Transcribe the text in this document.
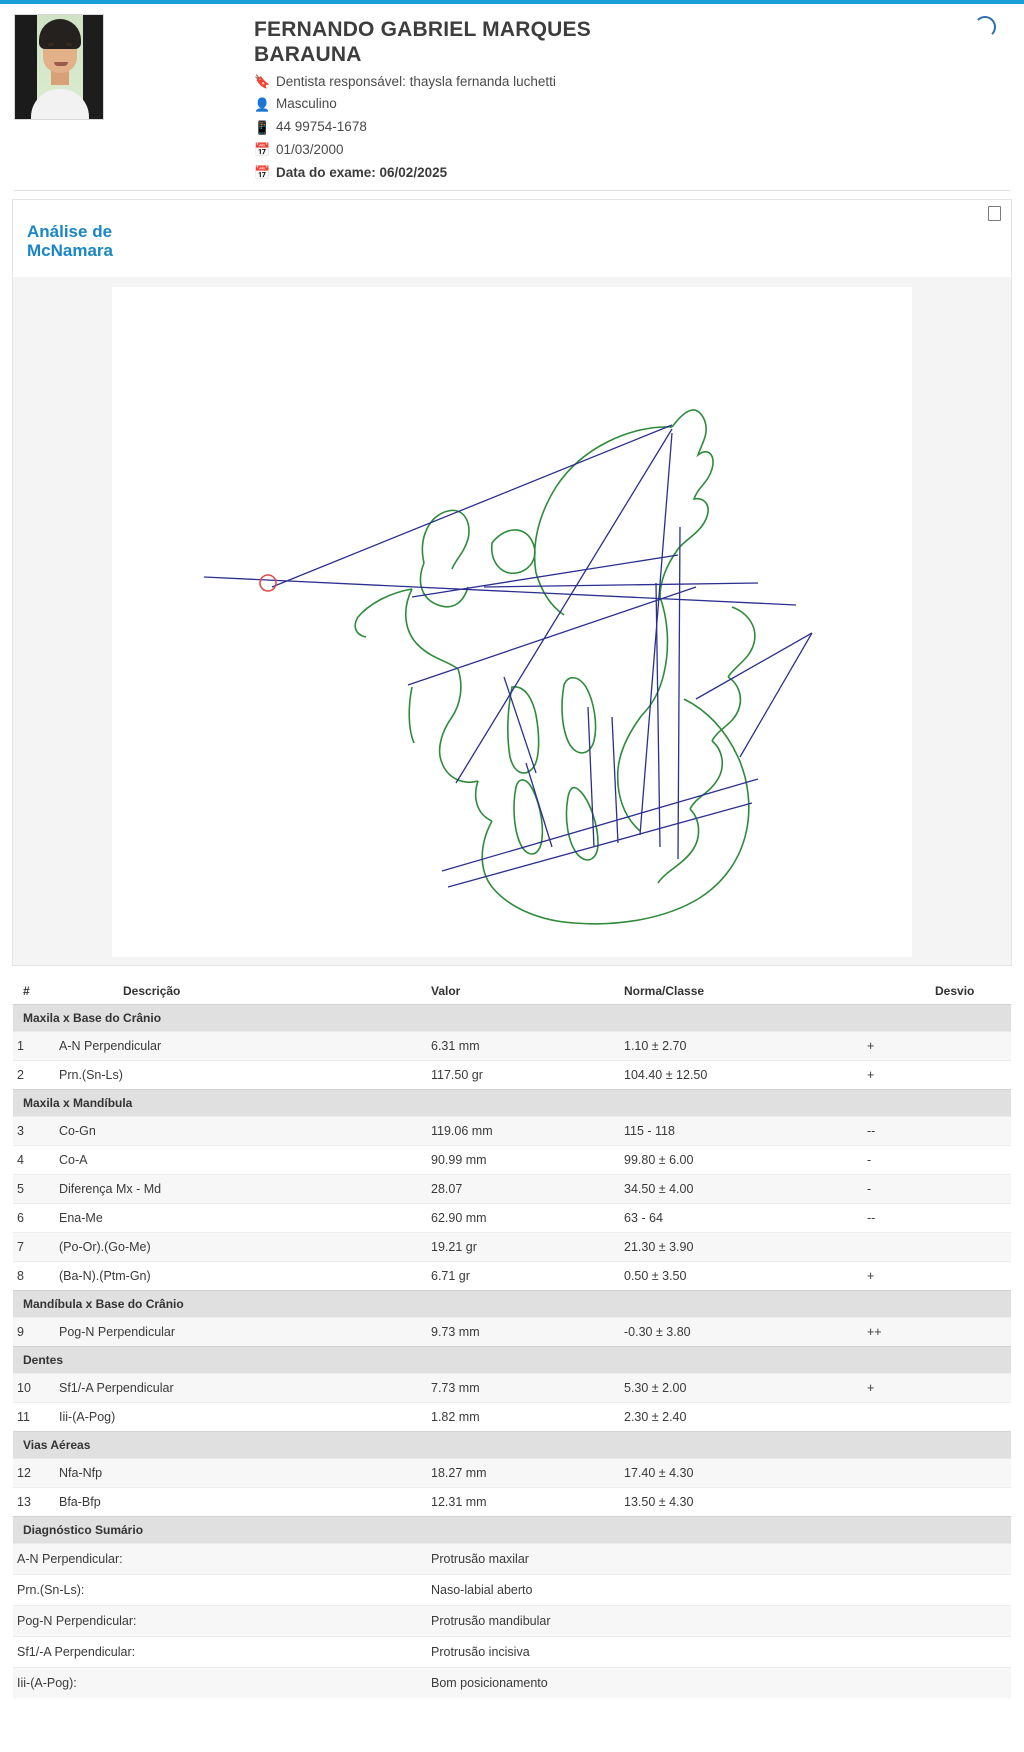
FERNANDO GABRIEL MARQUES BARAUNA
🔖 Dentista responsável: thaysla fernanda luchetti
👤 Masculino
📱 44 99754-1678
📅 01/03/2000
📅 Data do exame: 06/02/2025
Análise de McNamara
#	Descrição	Valor	Norma/Classe	Desvio
Maxila x Base do Crânio				
1	A-N Perpendicular	6.31 mm	1.10 ± 2.70	+
2	Prn.(Sn-Ls)	117.50 gr	104.40 ± 12.50	+
Maxila x Mandíbula				
3	Co-Gn	119.06 mm	115 - 118	--
4	Co-A	90.99 mm	99.80 ± 6.00	-
5	Diferença Mx - Md	28.07	34.50 ± 4.00	-
6	Ena-Me	62.90 mm	63 - 64	--
7	(Po-Or).(Go-Me)	19.21 gr	21.30 ± 3.90	
8	(Ba-N).(Ptm-Gn)	6.71 gr	0.50 ± 3.50	+
Mandíbula x Base do Crânio				
9	Pog-N Perpendicular	9.73 mm	-0.30 ± 3.80	++
Dentes				
10	Sf1/-A Perpendicular	7.73 mm	5.30 ± 2.00	+
11	Iii-(A-Pog)	1.82 mm	2.30 ± 2.40	
Vias Aéreas				
12	Nfa-Nfp	18.27 mm	17.40 ± 4.30	
13	Bfa-Bfp	12.31 mm	13.50 ± 4.30	
Diagnóstico Sumário				
A-N Perpendicular:		Protrusão maxilar		
Prn.(Sn-Ls):		Naso-labial aberto		
Pog-N Perpendicular:		Protrusão mandibular		
Sf1/-A Perpendicular:		Protrusão incisiva		
Iii-(A-Pog):		Bom posicionamento		
